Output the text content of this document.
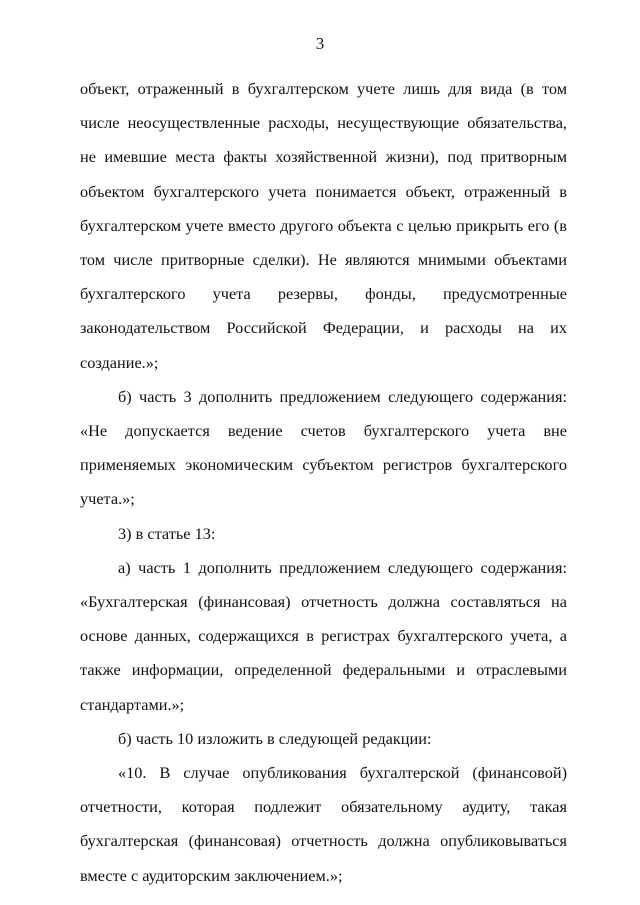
3

объект, отраженный в бухгалтерском учете лишь для вида (в том числе неосуществленные расходы, несуществующие обязательства, не имевшие места факты хозяйственной жизни), под притворным объектом бухгалтерского учета понимается объект, отраженный в бухгалтерском учете вместо другого объекта с целью прикрыть его (в том числе притворные сделки). Не являются мнимыми объектами бухгалтерского учета резервы, фонды, предусмотренные законодательством Российской Федерации, и расходы на их создание.»;

б) часть 3 дополнить предложением следующего содержания: «Не допускается ведение счетов бухгалтерского учета вне применяемых экономическим субъектом регистров бухгалтерского учета.»;

3) в статье 13:

а) часть 1 дополнить предложением следующего содержания: «Бухгалтерская (финансовая) отчетность должна составляться на основе данных, содержащихся в регистрах бухгалтерского учета, а также информации, определенной федеральными и отраслевыми стандартами.»;

б) часть 10 изложить в следующей редакции:

«10. В случае опубликования бухгалтерской (финансовой) отчетности, которая подлежит обязательному аудиту, такая бухгалтерская (финансовая) отчетность должна опубликовываться вместе с аудиторским заключением.»;
